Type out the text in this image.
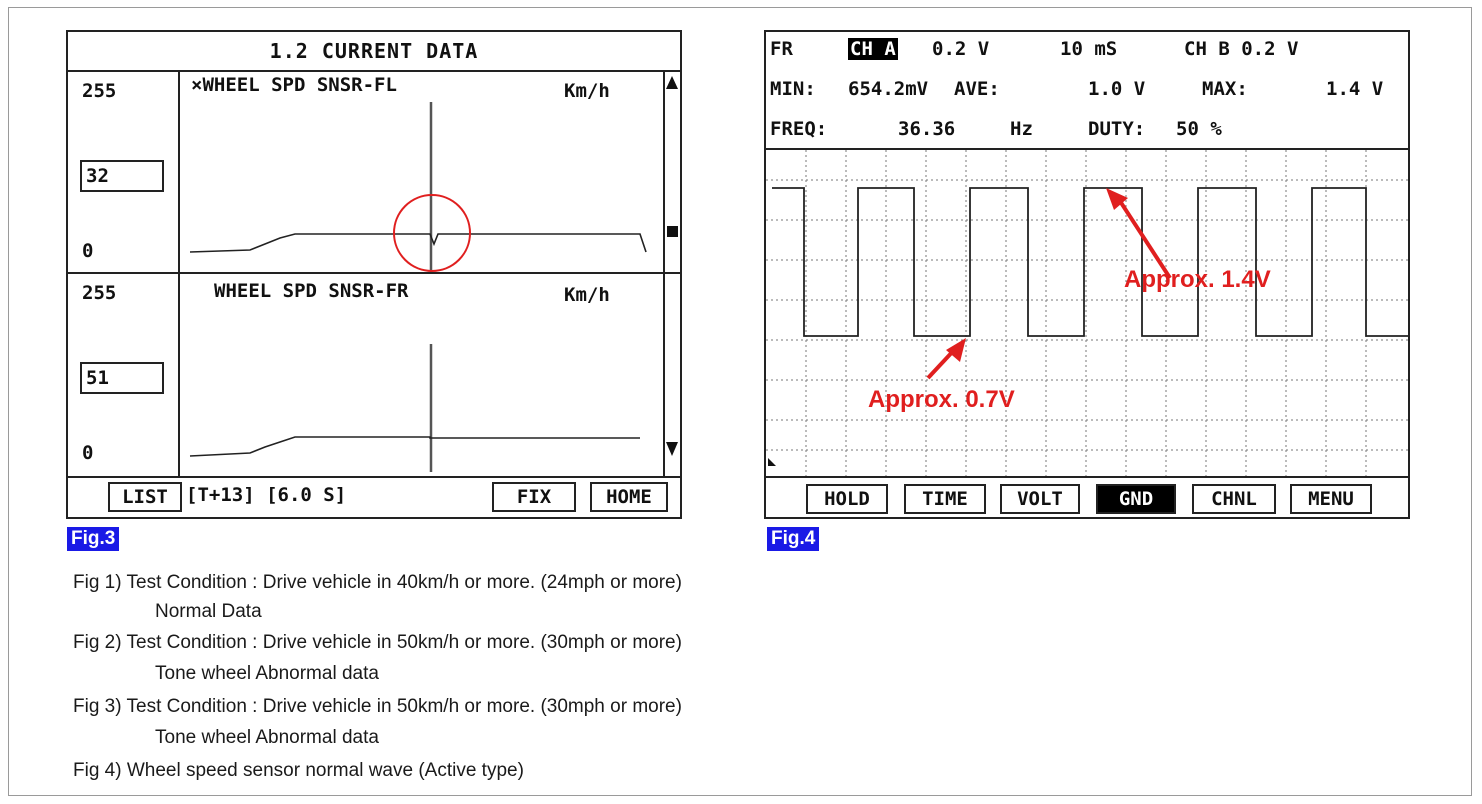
1.2 CURRENT DATA
255
32
0
×WHEEL SPD SNSR-FL	Km/h
255
51
0
WHEEL SPD SNSR-FR	Km/h
LIST [T+13] [6.0 S]	FIX	HOME
Fig.3
FR	CH A 0.2 V	10 mS	CH B 0.2 V
MIN: 654.2mV AVE:	1.0 V	MAX:	1.4 V
FREQ:	36.36	Hz	DUTY: 50 %
Approx. 1.4V
Approx. 0.7V
HOLD	TIME	VOLT	GND	CHNL	MENU
Fig.4
Fig 1) Test Condition : Drive vehicle in 40km/h or more. (24mph or more)
Normal Data
Fig 2) Test Condition : Drive vehicle in 50km/h or more. (30mph or more)
Tone wheel Abnormal data
Fig 3) Test Condition : Drive vehicle in 50km/h or more. (30mph or more)
Tone wheel Abnormal data
Fig 4) Wheel speed sensor normal wave (Active type)
